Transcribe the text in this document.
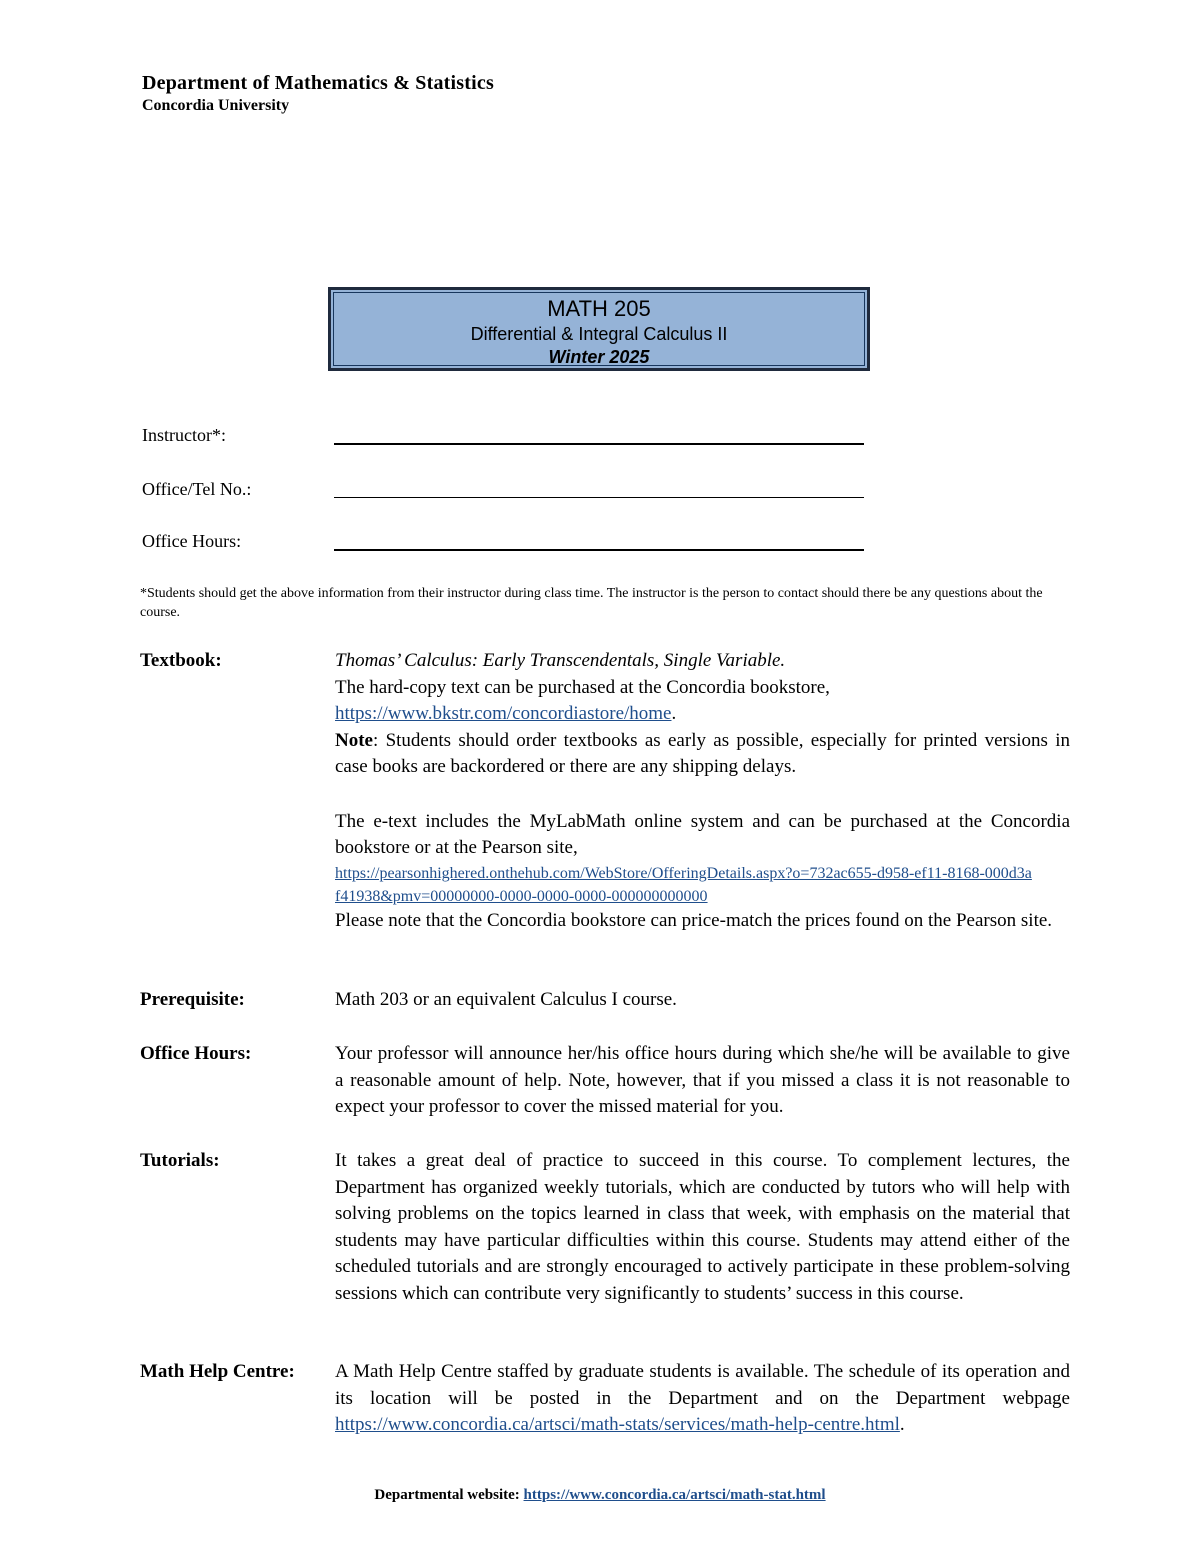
Department of Mathematics & Statistics
Concordia University
MATH 205
Differential & Integral Calculus II
Winter 2025
Instructor*:
Office/Tel No.:
Office Hours:
*Students should get the above information from their instructor during class time. The instructor is the person to contact should there be any questions about the course.
Textbook:	Thomas’ Calculus: Early Transcendentals, Single Variable.

The hard-copy text can be purchased at the Concordia bookstore,

https://www.bkstr.com/concordiastore/home.

Note: Students should order textbooks as early as possible, especially for printed versions in case books are backordered or there are any shipping delays.

The e-text includes the MyLabMath online system and can be purchased at the Concordia bookstore or at the Pearson site,

https://pearsonhighered.onthehub.com/WebStore/OfferingDetails.aspx?o=732ac655-d958-ef11-8168-000d3af41938&pmv=00000000-0000-0000-0000-000000000000

Please note that the Concordia bookstore can price-match the prices found on the Pearson site.

Prerequisite:	Math 203 or an equivalent Calculus I course.
Office Hours:	Your professor will announce her/his office hours during which she/he will be available to give a reasonable amount of help. Note, however, that if you missed a class it is not reasonable to expect your professor to cover the missed material for you.
Tutorials:	It takes a great deal of practice to succeed in this course. To complement lectures, the Department has organized weekly tutorials, which are conducted by tutors who will help with solving problems on the topics learned in class that week, with emphasis on the material that students may have particular difficulties within this course. Students may attend either of the scheduled tutorials and are strongly encouraged to actively participate in these problem-solving sessions which can contribute very significantly to students’ success in this course.
Math Help Centre: A Math Help Centre staffed by graduate students is available. The schedule of its operation and its location will be posted in the Department and on the Department webpage https://www.concordia.ca/artsci/math-stats/services/math-help-centre.html.
Departmental website: https://www.concordia.ca/artsci/math-stat.html
